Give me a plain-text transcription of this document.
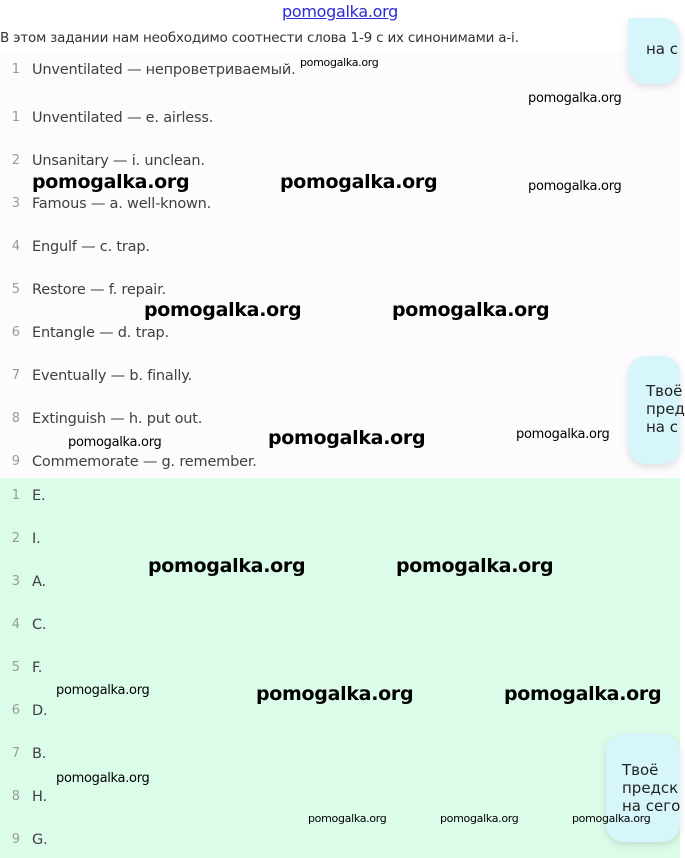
pomogalka.org
В этом задании нам необходимо соотнести слова 1-9 с их синонимами a-i.
1 Unventilated — непроветриваемый.
1 Unventilated — e. airless.
2 Unsanitary — i. unclean.
3 Famous — a. well-known.
4 Engulf — c. trap.
5 Restore — f. repair.
6 Entangle — d. trap.
7 Eventually — b. finally.
8 Extinguish — h. put out.
9 Commemorate — g. remember.
1 E.
2 I.
3 A.
4 C.
5 F.
6 D.
7 B.
8 H.
9 G.
на с
Твоё
пред
на с
Твоё
предск
на сего
pomogalka.org
pomogalka.org
pomogalka.org	pomogalka.org	pomogalka.org
pomogalka.org	pomogalka.org
pomogalka.org	pomogalka.org	pomogalka.org
pomogalka.org	pomogalka.org
pomogalka.org	pomogalka.org	pomogalka.org
pomogalka.org
pomogalka.org	pomogalka.org	pomogalka.org
